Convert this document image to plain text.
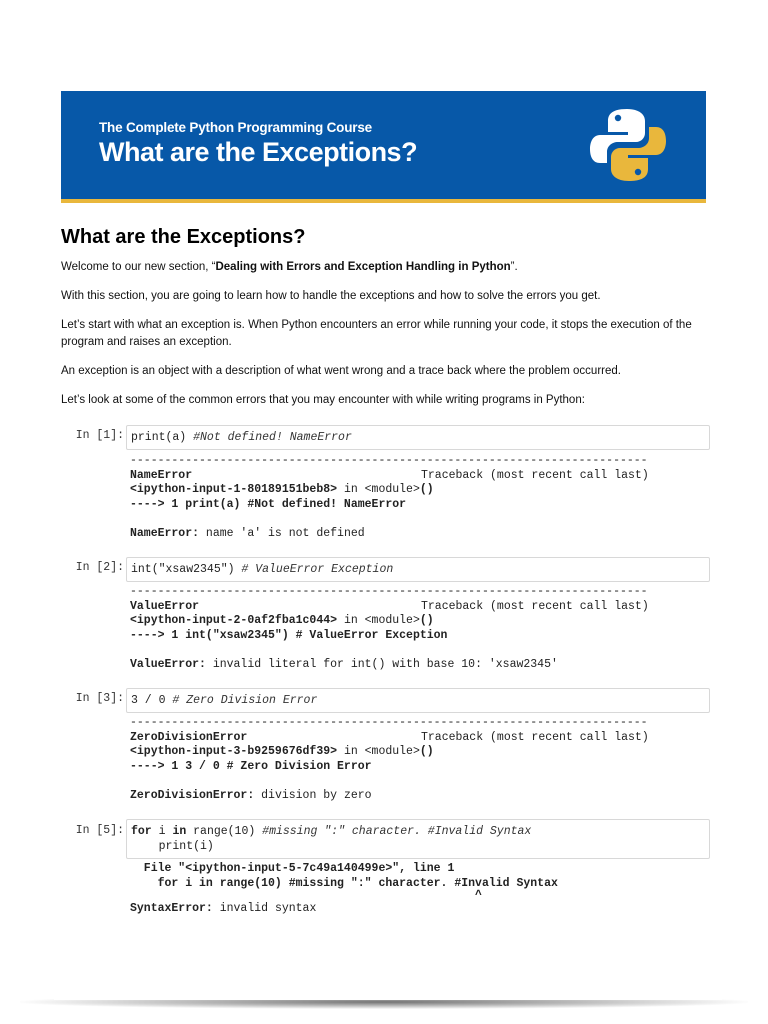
The Complete Python Programming Course
What are the Exceptions?
What are the Exceptions?
Welcome to our new section, “Dealing with Errors and Exception Handling in Python”.
With this section, you are going to learn how to handle the exceptions and how to solve the errors you get.
Let’s start with what an exception is. When Python encounters an error while running your code, it stops the execution of the
program and raises an exception.
An exception is an object with a description of what went wrong and a trace back where the problem occurred.
Let’s look at some of the common errors that you may encounter with while writing programs in Python:
In [1]: print(a) #Not defined! NameError
---------------------------------------------------------------------------
NameError	Traceback (most recent call last)
<ipython-input-1-80189151beb8> in <module>()
----> 1 print(a) #Not defined! NameError

NameError: name 'a' is not defined
In [2]: int("xsaw2345") # ValueError Exception
---------------------------------------------------------------------------
ValueError	Traceback (most recent call last)
<ipython-input-2-0af2fba1c044> in <module>()
----> 1 int("xsaw2345") # ValueError Exception

ValueError: invalid literal for int() with base 10: 'xsaw2345'
In [3]: 3 / 0 # Zero Division Error
---------------------------------------------------------------------------
ZeroDivisionError	Traceback (most recent call last)
<ipython-input-3-b9259676df39> in <module>()
----> 1 3 / 0 # Zero Division Error

ZeroDivisionError: division by zero
In [5]: for i in range(10) #missing ":" character. #Invalid Syntax
print(i)
File "<ipython-input-5-7c49a140499e>", line 1
for i in range(10) #missing ":" character. #Invalid Syntax
^
SyntaxError: invalid syntax
